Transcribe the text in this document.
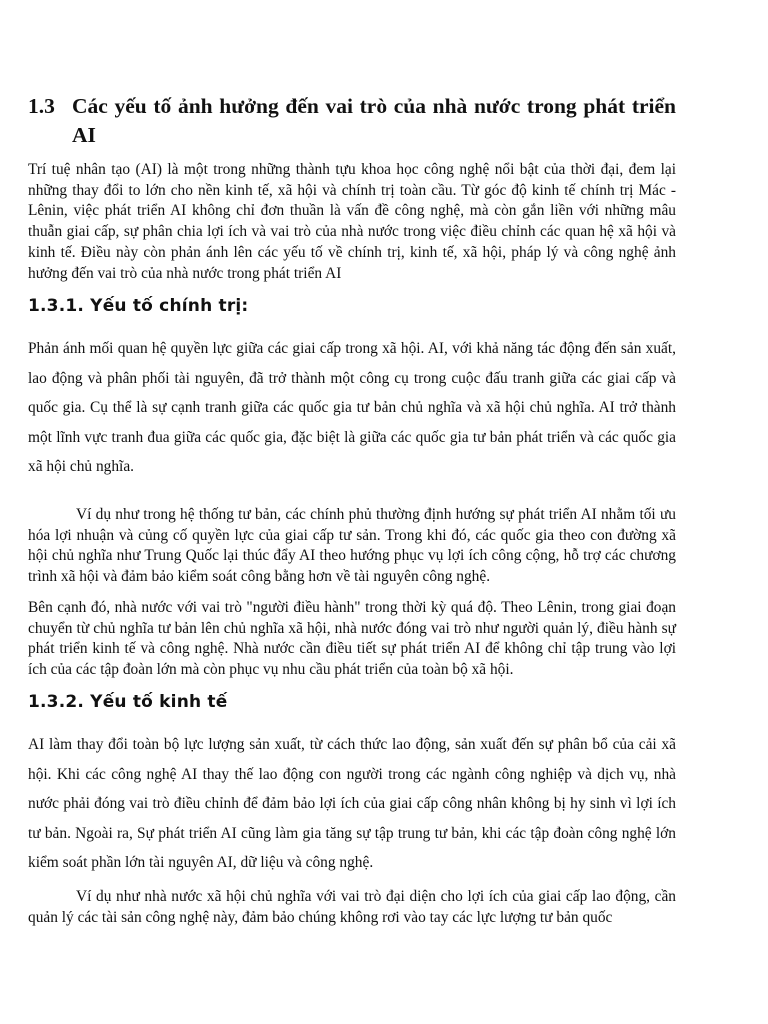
1.3 Các yếu tố ảnh hưởng đến vai trò của nhà nước trong phát triển AI

Trí tuệ nhân tạo (AI) là một trong những thành tựu khoa học công nghệ nổi bật của thời đại, đem lại những thay đổi to lớn cho nền kinh tế, xã hội và chính trị toàn cầu. Từ góc độ kinh tế chính trị Mác - Lênin, việc phát triển AI không chỉ đơn thuần là vấn đề công nghệ, mà còn gắn liền với những mâu thuẫn giai cấp, sự phân chia lợi ích và vai trò của nhà nước trong việc điều chỉnh các quan hệ xã hội và kinh tế. Điều này còn phản ánh lên các yếu tố về chính trị, kinh tế, xã hội, pháp lý và công nghệ ảnh hưởng đến vai trò của nhà nước trong phát triển AI

1.3.1. Yếu tố chính trị:

Phản ánh mối quan hệ quyền lực giữa các giai cấp trong xã hội. AI, với khả năng tác động đến sản xuất, lao động và phân phối tài nguyên, đã trở thành một công cụ trong cuộc đấu tranh giữa các giai cấp và quốc gia. Cụ thể là sự cạnh tranh giữa các quốc gia tư bản chủ nghĩa và xã hội chủ nghĩa. AI trở thành một lĩnh vực tranh đua giữa các quốc gia, đặc biệt là giữa các quốc gia tư bản phát triển và các quốc gia xã hội chủ nghĩa.

Ví dụ như trong hệ thống tư bản, các chính phủ thường định hướng sự phát triển AI nhằm tối ưu hóa lợi nhuận và củng cố quyền lực của giai cấp tư sản. Trong khi đó, các quốc gia theo con đường xã hội chủ nghĩa như Trung Quốc lại thúc đẩy AI theo hướng phục vụ lợi ích công cộng, hỗ trợ các chương trình xã hội và đảm bảo kiểm soát công bằng hơn về tài nguyên công nghệ.

Bên cạnh đó, nhà nước với vai trò "người điều hành" trong thời kỳ quá độ. Theo Lênin, trong giai đoạn chuyển từ chủ nghĩa tư bản lên chủ nghĩa xã hội, nhà nước đóng vai trò như người quản lý, điều hành sự phát triển kinh tế và công nghệ. Nhà nước cần điều tiết sự phát triển AI để không chỉ tập trung vào lợi ích của các tập đoàn lớn mà còn phục vụ nhu cầu phát triển của toàn bộ xã hội.

1.3.2. Yếu tố kinh tế

AI làm thay đổi toàn bộ lực lượng sản xuất, từ cách thức lao động, sản xuất đến sự phân bổ của cải xã hội. Khi các công nghệ AI thay thế lao động con người trong các ngành công nghiệp và dịch vụ, nhà nước phải đóng vai trò điều chỉnh để đảm bảo lợi ích của giai cấp công nhân không bị hy sinh vì lợi ích tư bản. Ngoài ra, Sự phát triển AI cũng làm gia tăng sự tập trung tư bản, khi các tập đoàn công nghệ lớn kiểm soát phần lớn tài nguyên AI, dữ liệu và công nghệ.

Ví dụ như nhà nước xã hội chủ nghĩa với vai trò đại diện cho lợi ích của giai cấp lao động, cần quản lý các tài sản công nghệ này, đảm bảo chúng không rơi vào tay các lực lượng tư bản quốc
